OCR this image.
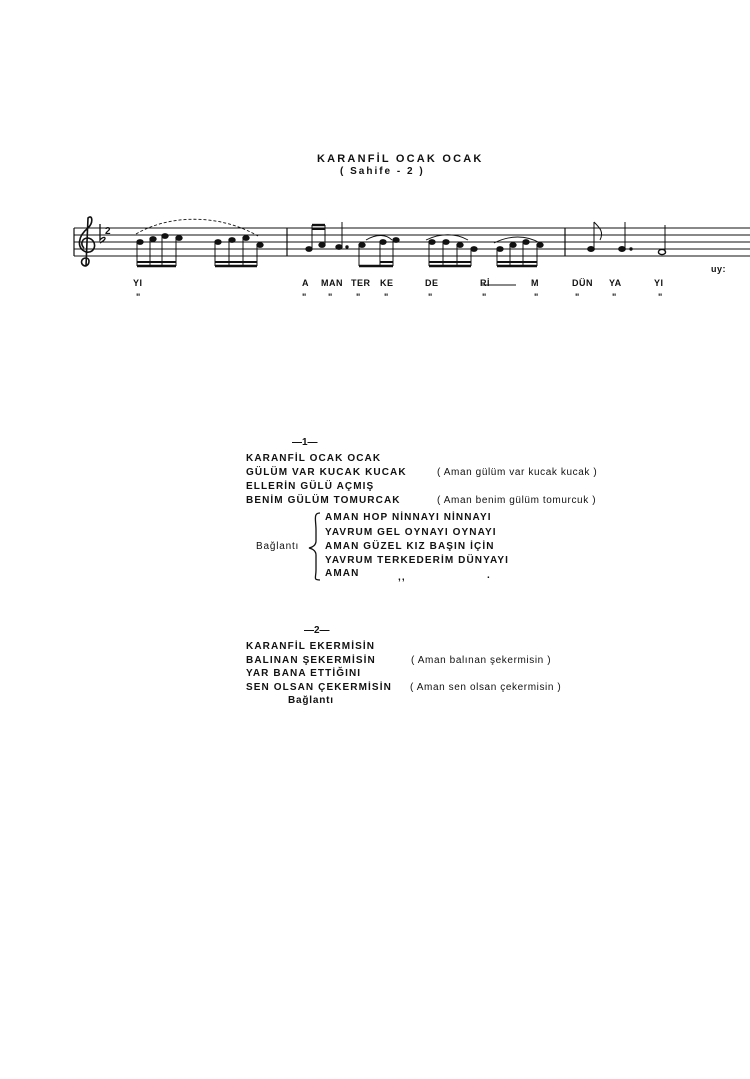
KARANFİL OCAK OCAK
( Sahife - 2 )
2
YI	A MAN TER KE	DE	Rİ	M	DÜN YA	YI
uy:
"	" "	"	"	"	"	"	"	"	"
—1—
KARANFİL OCAK OCAK
GÜLÜM VAR KUCAK KUCAK	( Aman gülüm var kucak kucak )
ELLERİN GÜLÜ AÇMIŞ
BENİM GÜLÜM TOMURCAK	( Aman benim gülüm tomurcuk )
Bağlantı
AMAN HOP NİNNAYI NİNNAYI
YAVRUM GEL OYNAYI OYNAYI
AMAN GÜZEL KIZ BAŞIN İÇİN
YAVRUM TERKEDERİM DÜNYAYI
AMAN	,,	.
—2—
KARANFİL EKERMİSİN
BALINAN ŞEKERMİSİN	( Aman balınan şekermisin )
YAR BANA ETTİĞINI
SEN OLSAN ÇEKERMİSİN ( Aman sen olsan çekermisin )
Bağlantı
